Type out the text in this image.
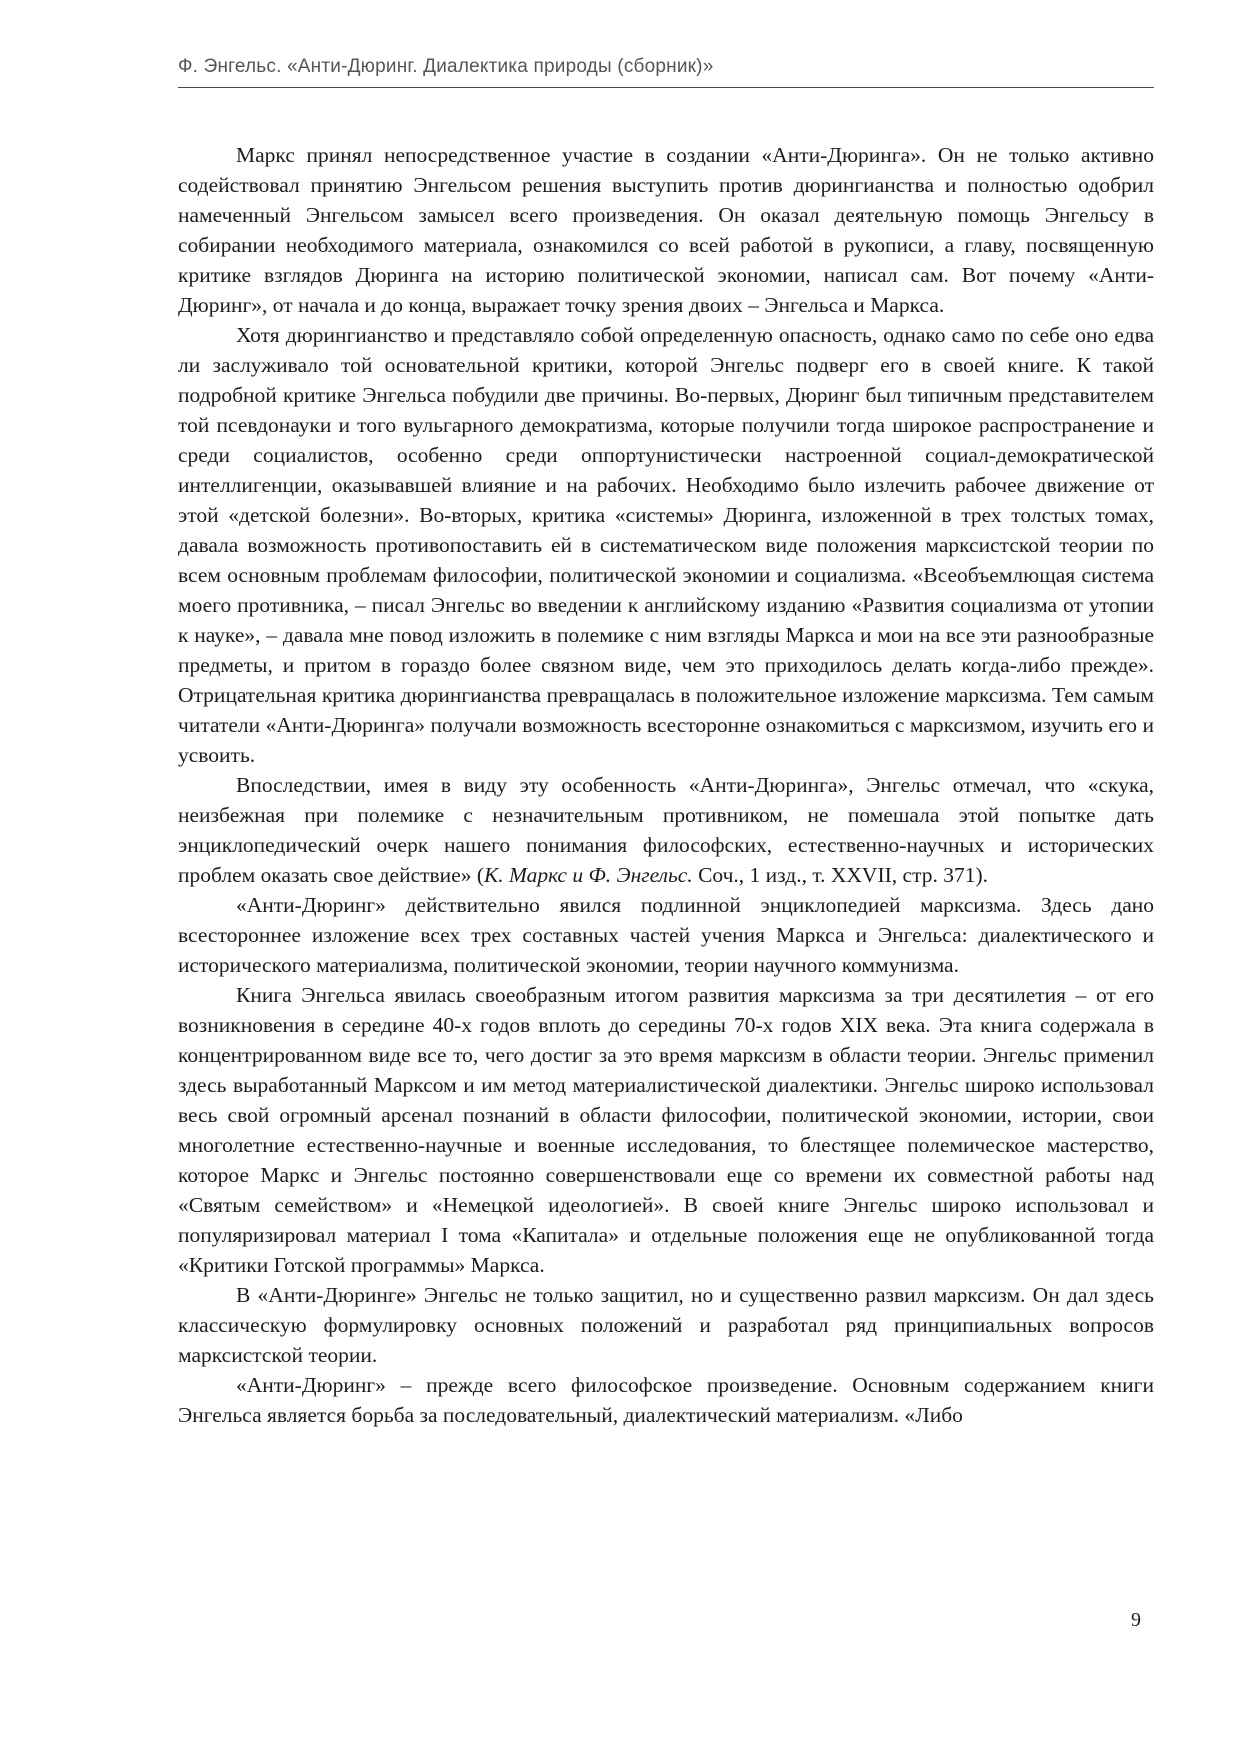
Ф. Энгельс. «Анти-Дюринг. Диалектика природы (сборник)»

Маркс принял непосредственное участие в создании «Анти-Дюринга». Он не только активно содействовал принятию Энгельсом решения выступить против дюрингианства и полностью одобрил намеченный Энгельсом замысел всего произведения. Он оказал деятельную помощь Энгельсу в собирании необходимого материала, ознакомился со всей работой в рукописи, а главу, посвященную критике взглядов Дюринга на историю политической экономии, написал сам. Вот почему «Анти-Дюринг», от начала и до конца, выражает точку зрения двоих – Энгельса и Маркса.

Хотя дюрингианство и представляло собой определенную опасность, однако само по себе оно едва ли заслуживало той основательной критики, которой Энгельс подверг его в своей книге. К такой подробной критике Энгельса побудили две причины. Во-первых, Дюринг был типичным представителем той псевдонауки и того вульгарного демократизма, которые получили тогда широкое распространение и среди социалистов, особенно среди оппортунистически настроенной социал-демократической интеллигенции, оказывавшей влияние и на рабочих. Необходимо было излечить рабочее движение от этой «детской болезни». Во-вторых, критика «системы» Дюринга, изложенной в трех толстых томах, давала возможность противопоставить ей в систематическом виде положения марксистской теории по всем основным проблемам философии, политической экономии и социализма. «Всеобъемлющая система моего противника, – писал Энгельс во введении к английскому изданию «Развития социализма от утопии к науке», – давала мне повод изложить в полемике с ним взгляды Маркса и мои на все эти разнообразные предметы, и притом в гораздо более связном виде, чем это приходилось делать когда-либо прежде». Отрицательная критика дюрингианства превращалась в положительное изложение марксизма. Тем самым читатели «Анти-Дюринга» получали возможность всесторонне ознакомиться с марксизмом, изучить его и усвоить.

Впоследствии, имея в виду эту особенность «Анти-Дюринга», Энгельс отмечал, что «скука, неизбежная при полемике с незначительным противником, не помешала этой попытке дать энциклопедический очерк нашего понимания философских, естественно-научных и исторических проблем оказать свое действие» (К. Маркс и Ф. Энгельс. Соч., 1 изд., т. XXVII, стр. 371).

«Анти-Дюринг» действительно явился подлинной энциклопедией марксизма. Здесь дано всестороннее изложение всех трех составных частей учения Маркса и Энгельса: диалектического и исторического материализма, политической экономии, теории научного коммунизма.

Книга Энгельса явилась своеобразным итогом развития марксизма за три десятилетия – от его возникновения в середине 40-х годов вплоть до середины 70-х годов XIX века. Эта книга содержала в концентрированном виде все то, чего достиг за это время марксизм в области теории. Энгельс применил здесь выработанный Марксом и им метод материалистической диалектики. Энгельс широко использовал весь свой огромный арсенал познаний в области философии, политической экономии, истории, свои многолетние естественно-научные и военные исследования, то блестящее полемическое мастерство, которое Маркс и Энгельс постоянно совершенствовали еще со времени их совместной работы над «Святым семейством» и «Немецкой идеологией». В своей книге Энгельс широко использовал и популяризировал материал I тома «Капитала» и отдельные положения еще не опубликованной тогда «Критики Готской программы» Маркса.

В «Анти-Дюринге» Энгельс не только защитил, но и существенно развил марксизм. Он дал здесь классическую формулировку основных положений и разработал ряд принципиальных вопросов марксистской теории.

«Анти-Дюринг» – прежде всего философское произведение. Основным содержанием книги Энгельса является борьба за последовательный, диалектический материализм. «Либо

9
